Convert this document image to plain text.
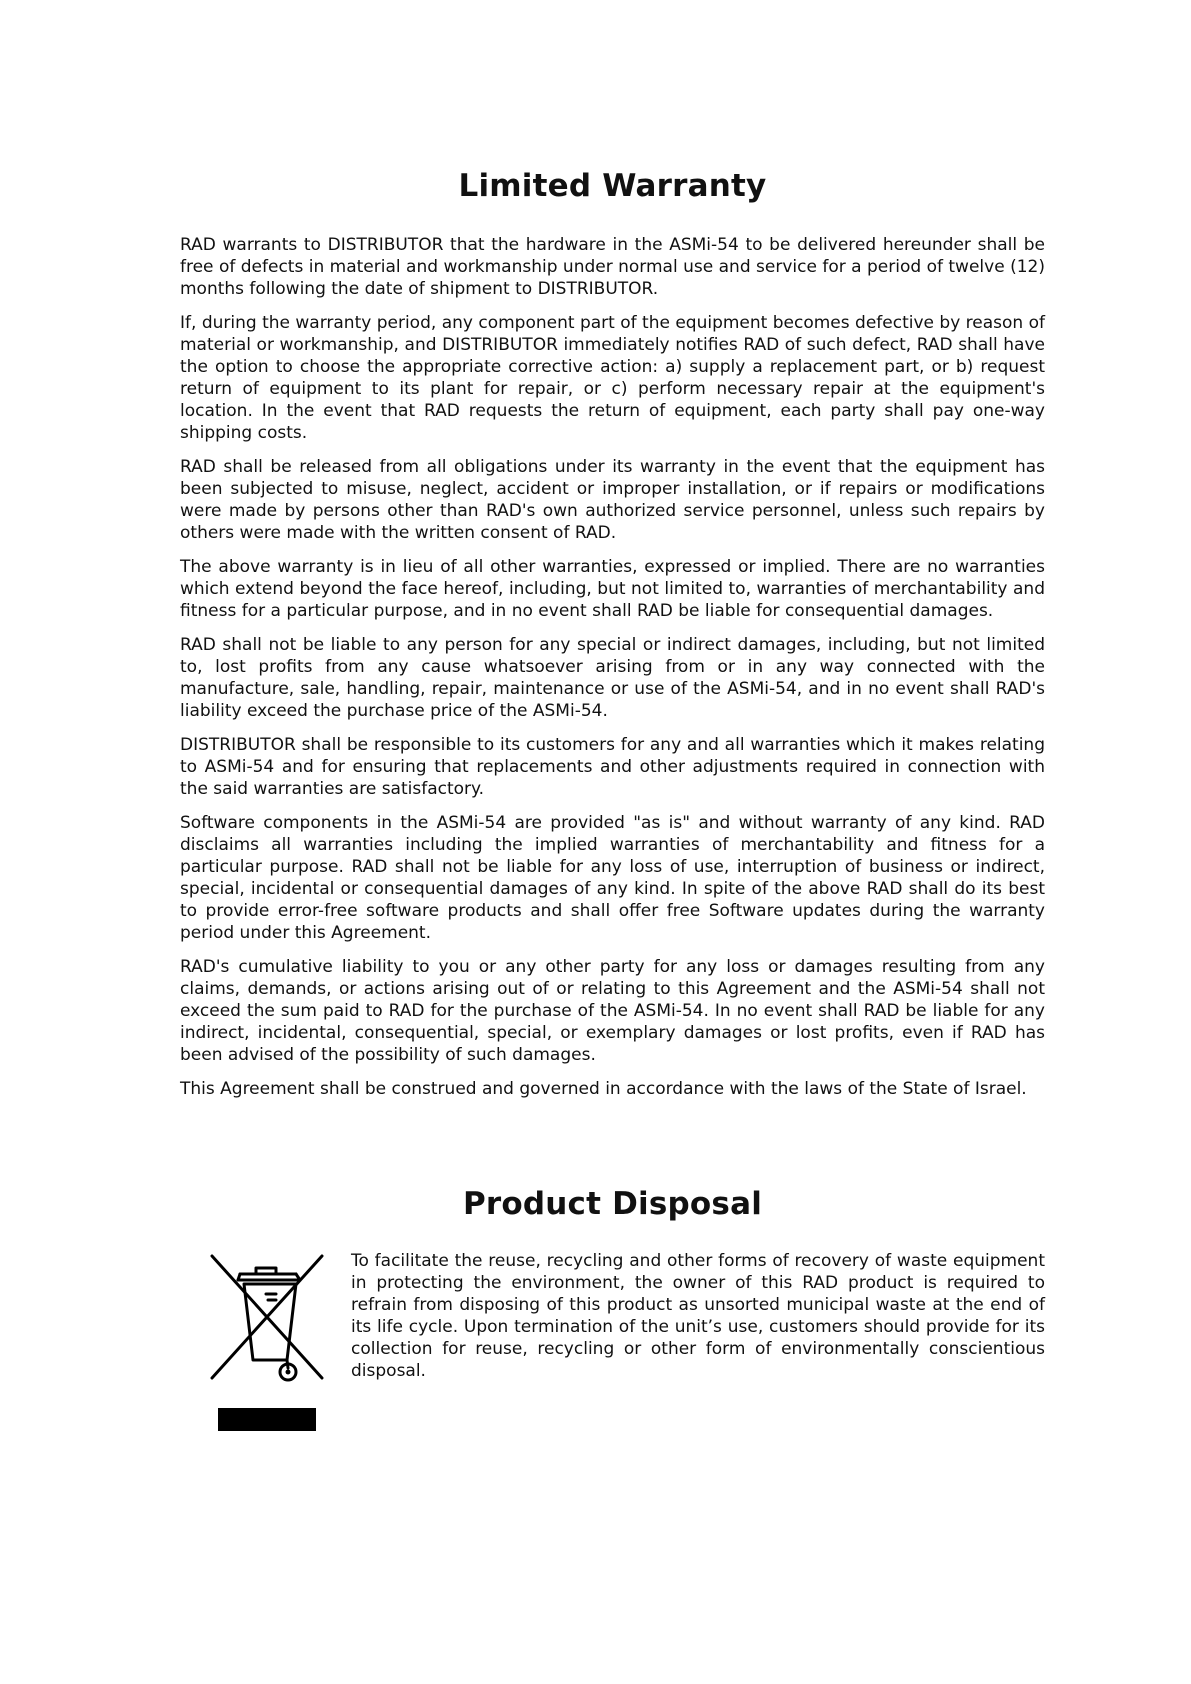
Limited Warranty

RAD warrants to DISTRIBUTOR that the hardware in the ASMi-54 to be delivered hereunder shall be free of defects in material and workmanship under normal use and service for a period of twelve (12) months following the date of shipment to DISTRIBUTOR.

If, during the warranty period, any component part of the equipment becomes defective by reason of material or workmanship, and DISTRIBUTOR immediately notifies RAD of such defect, RAD shall have the option to choose the appropriate corrective action: a) supply a replacement part, or b) request return of equipment to its plant for repair, or c) perform necessary repair at the equipment's location. In the event that RAD requests the return of equipment, each party shall pay one-way shipping costs.

RAD shall be released from all obligations under its warranty in the event that the equipment has been subjected to misuse, neglect, accident or improper installation, or if repairs or modifications were made by persons other than RAD's own authorized service personnel, unless such repairs by others were made with the written consent of RAD.

The above warranty is in lieu of all other warranties, expressed or implied. There are no warranties which extend beyond the face hereof, including, but not limited to, warranties of merchantability and fitness for a particular purpose, and in no event shall RAD be liable for consequential damages.

RAD shall not be liable to any person for any special or indirect damages, including, but not limited to, lost profits from any cause whatsoever arising from or in any way connected with the manufacture, sale, handling, repair, maintenance or use of the ASMi-54, and in no event shall RAD's liability exceed the purchase price of the ASMi-54.

DISTRIBUTOR shall be responsible to its customers for any and all warranties which it makes relating to ASMi-54 and for ensuring that replacements and other adjustments required in connection with the said warranties are satisfactory.

Software components in the ASMi-54 are provided "as is" and without warranty of any kind. RAD disclaims all warranties including the implied warranties of merchantability and fitness for a particular purpose. RAD shall not be liable for any loss of use, interruption of business or indirect, special, incidental or consequential damages of any kind. In spite of the above RAD shall do its best to provide error-free software products and shall offer free Software updates during the warranty period under this Agreement.

RAD's cumulative liability to you or any other party for any loss or damages resulting from any claims, demands, or actions arising out of or relating to this Agreement and the ASMi-54 shall not exceed the sum paid to RAD for the purchase of the ASMi-54. In no event shall RAD be liable for any indirect, incidental, consequential, special, or exemplary damages or lost profits, even if RAD has been advised of the possibility of such damages.

This Agreement shall be construed and governed in accordance with the laws of the State of Israel.

Product Disposal

To facilitate the reuse, recycling and other forms of recovery of waste equipment in protecting the environment, the owner of this RAD product is required to refrain from disposing of this product as unsorted municipal waste at the end of its life cycle. Upon termination of the unit’s use, customers should provide for its collection for reuse, recycling or other form of environmentally conscientious disposal.
